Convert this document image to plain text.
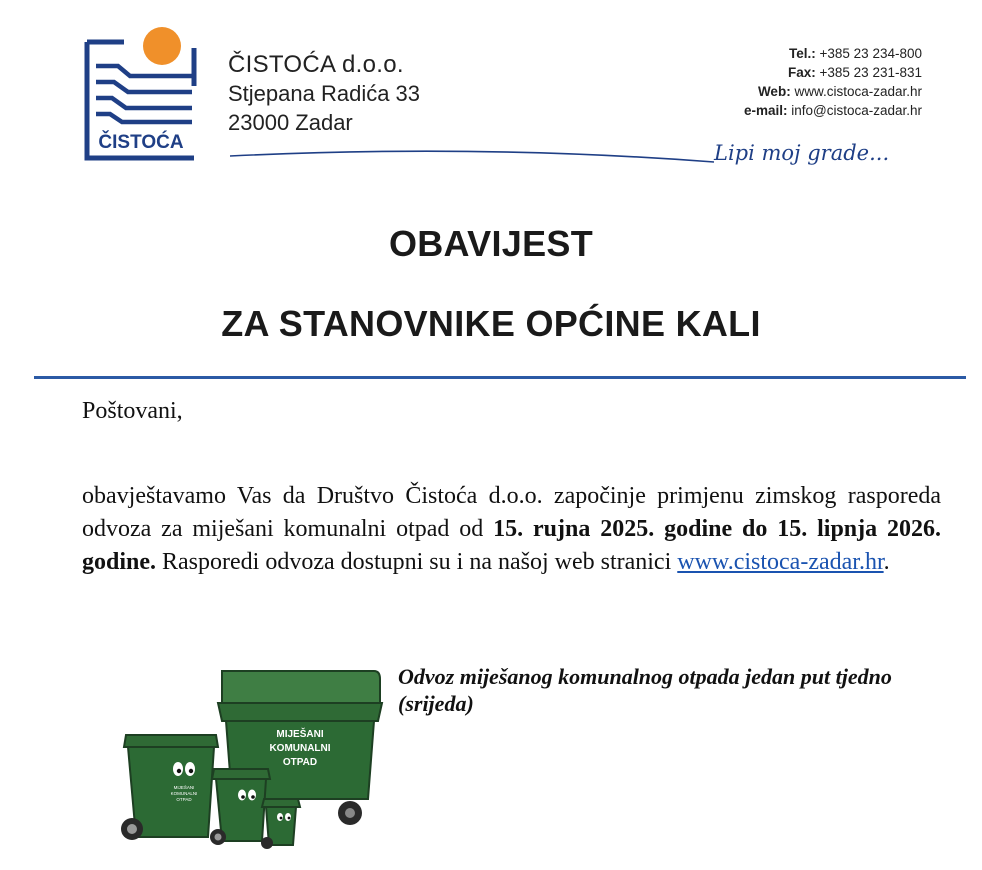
ČISTOĆA
ČISTOĆA d.o.o.
Stjepana Radića 33
23000 Zadar
Tel.: +385 23 234-800
Fax: +385 23 231-831
Web: www.cistoca-zadar.hr
e-mail: info@cistoca-zadar.hr
Lipi moj grade...
OBAVIJEST
ZA STANOVNIKE OPĆINE KALI
Poštovani,
obavještavamo Vas da Društvo Čistoća d.o.o. započinje primjenu zimskog rasporeda odvoza za miješani komunalni otpad od 15. rujna 2025. godine do 15. lipnja 2026. godine. Rasporedi odvoza dostupni su i na našoj web stranici www.cistoca-zadar.hr.
MIJEŠANI
KOMUNALNI
OTPAD
MIJEŠANI
KOMUNALNI
OTPAD
Odvoz miješanog komunalnog otpada jedan put tjedno (srijeda)
